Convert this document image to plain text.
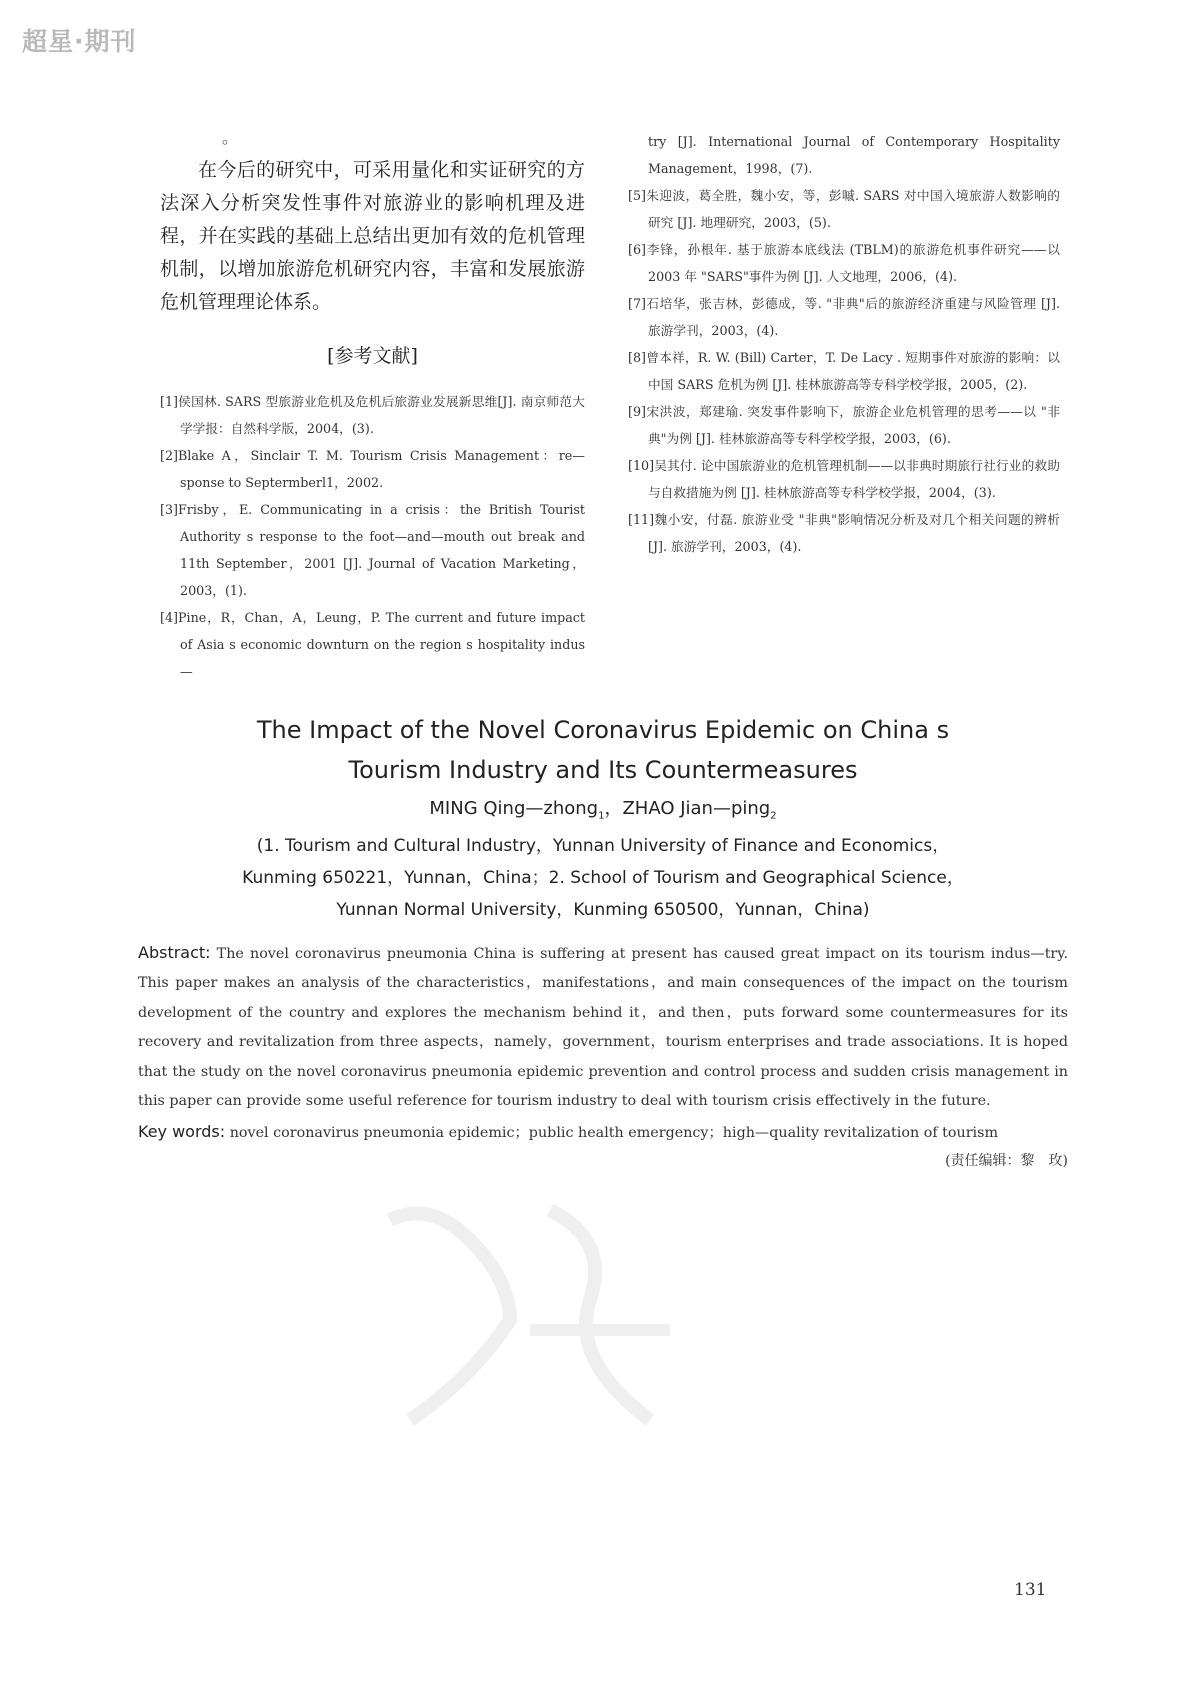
超星·期刊

。

在今后的研究中，可采用量化和实证研究的方法深入分析突发性事件对旅游业的影响机理及进程，并在实践的基础上总结出更加有效的危机管理机制，以增加旅游危机研究内容，丰富和发展旅游危机管理理论体系。

[参考文献]

[1]侯国林. SARS 型旅游业危机及危机后旅游业发展新思维[J]. 南京师范大学学报：自然科学版，2004，(3).

[2]Blake A，Sinclair T. M. Tourism Crisis Management：re—sponse to Septermberl1，2002.

[3]Frisby，E. Communicating in a crisis：the British Tourist Authority s response to the foot—and—mouth out break and 11th September，2001 [J]. Journal of Vacation Marketing，2003，(1).

[4]Pine，R，Chan，A，Leung，P. The current and future impact of Asia s economic downturn on the region s hospitality indus—

try [J]. International Journal of Contemporary Hospitality Management，1998，(7).

[5]朱迎波，葛全胜，魏小安，等，彭嘁. SARS 对中国入境旅游人数影响的研究 [J]. 地理研究，2003，(5).

[6]李锋，孙根年. 基于旅游本底线法 (TBLM)的旅游危机事件研究——以 2003 年 "SARS"事件为例 [J]. 人文地理，2006，(4).

[7]石培华，张吉林，彭德成，等. "非典"后的旅游经济重建与风险管理 [J]. 旅游学刊，2003，(4).

[8]曾本祥，R. W. (Bill) Carter，T. De Lacy . 短期事件对旅游的影响：以中国 SARS 危机为例 [J]. 桂林旅游高等专科学校学报，2005，(2).

[9]宋洪波，郑建瑜. 突发事件影响下，旅游企业危机管理的思考——以 "非典"为例 [J]. 桂林旅游高等专科学校学报，2003，(6).

[10]吴其付. 论中国旅游业的危机管理机制——以非典时期旅行社行业的救助与自救措施为例 [J]. 桂林旅游高等专科学校学报，2004，(3).

[11]魏小安，付磊. 旅游业受 "非典"影响情况分析及对几个相关问题的辨析 [J]. 旅游学刊，2003，(4).

The Impact of the Novel Coronavirus Epidemic on China s
Tourism Industry and Its Countermeasures
MING Qing—zhong$_1$，ZHAO Jian—ping$_2$

(1. Tourism and Cultural Industry，Yunnan University of Finance and Economics，

Kunming 650221，Yunnan，China；2. School of Tourism and Geographical Science，

Yunnan Normal University，Kunming 650500，Yunnan，China)

Abstract: The novel coronavirus pneumonia China is suffering at present has caused great impact on its tourism indus—try. This paper makes an analysis of the characteristics，manifestations，and main consequences of the impact on the tourism development of the country and explores the mechanism behind it，and then，puts forward some countermeasures for its recovery and revitalization from three aspects，namely，government，tourism enterprises and trade associations. It is hoped that the study on the novel coronavirus pneumonia epidemic prevention and control process and sudden crisis management in this paper can provide some useful reference for tourism industry to deal with tourism crisis effectively in the future.

Key words: novel coronavirus pneumonia epidemic；public health emergency；high—quality revitalization of tourism

(责任编辑：黎　玫)

131
